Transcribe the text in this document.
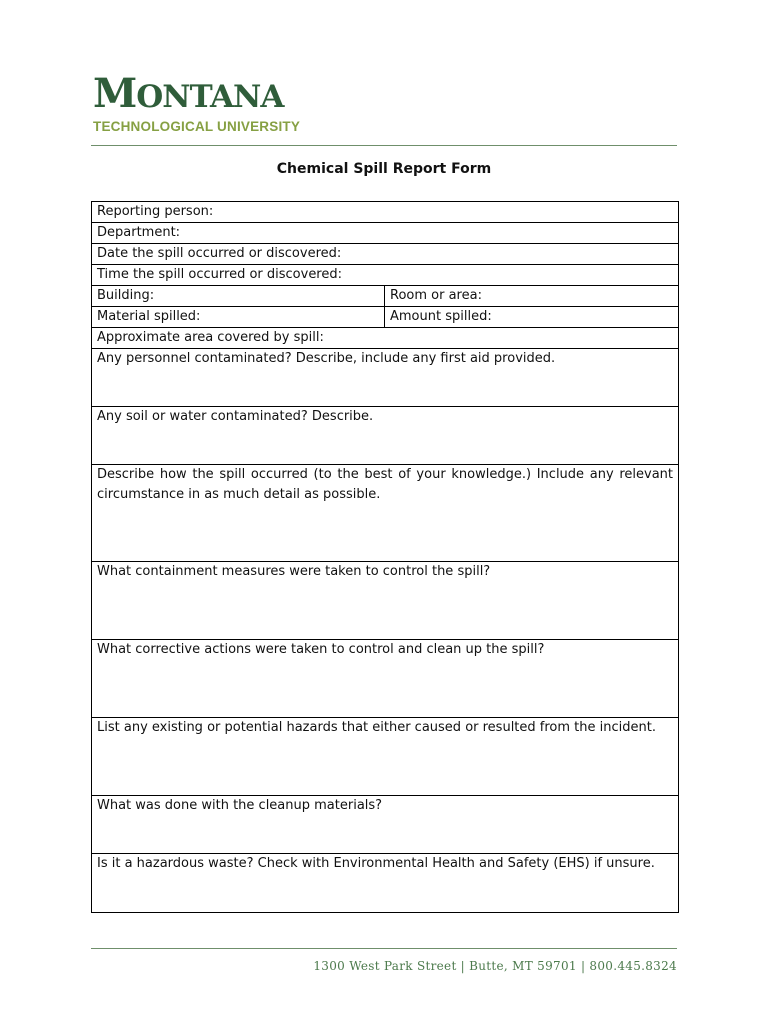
MONTANA
TECHNOLOGICAL UNIVERSITY
Chemical Spill Report Form
Reporting person:	
Department:	
Date the spill occurred or discovered:	
Time the spill occurred or discovered:	
Building:	Room or area:
Material spilled:	Amount spilled:
Approximate area covered by spill:	
Any personnel contaminated? Describe, include any first aid provided.	
Any soil or water contaminated? Describe.	
Describe how the spill occurred (to the best of your knowledge.) Include any relevant circumstance in as much detail as possible.	
What containment measures were taken to control the spill?	
What corrective actions were taken to control and clean up the spill?	
List any existing or potential hazards that either caused or resulted from the incident.	
What was done with the cleanup materials?	
Is it a hazardous waste? Check with Environmental Health and Safety (EHS) if unsure.	
1300 West Park Street | Butte, MT 59701 | 800.445.8324
